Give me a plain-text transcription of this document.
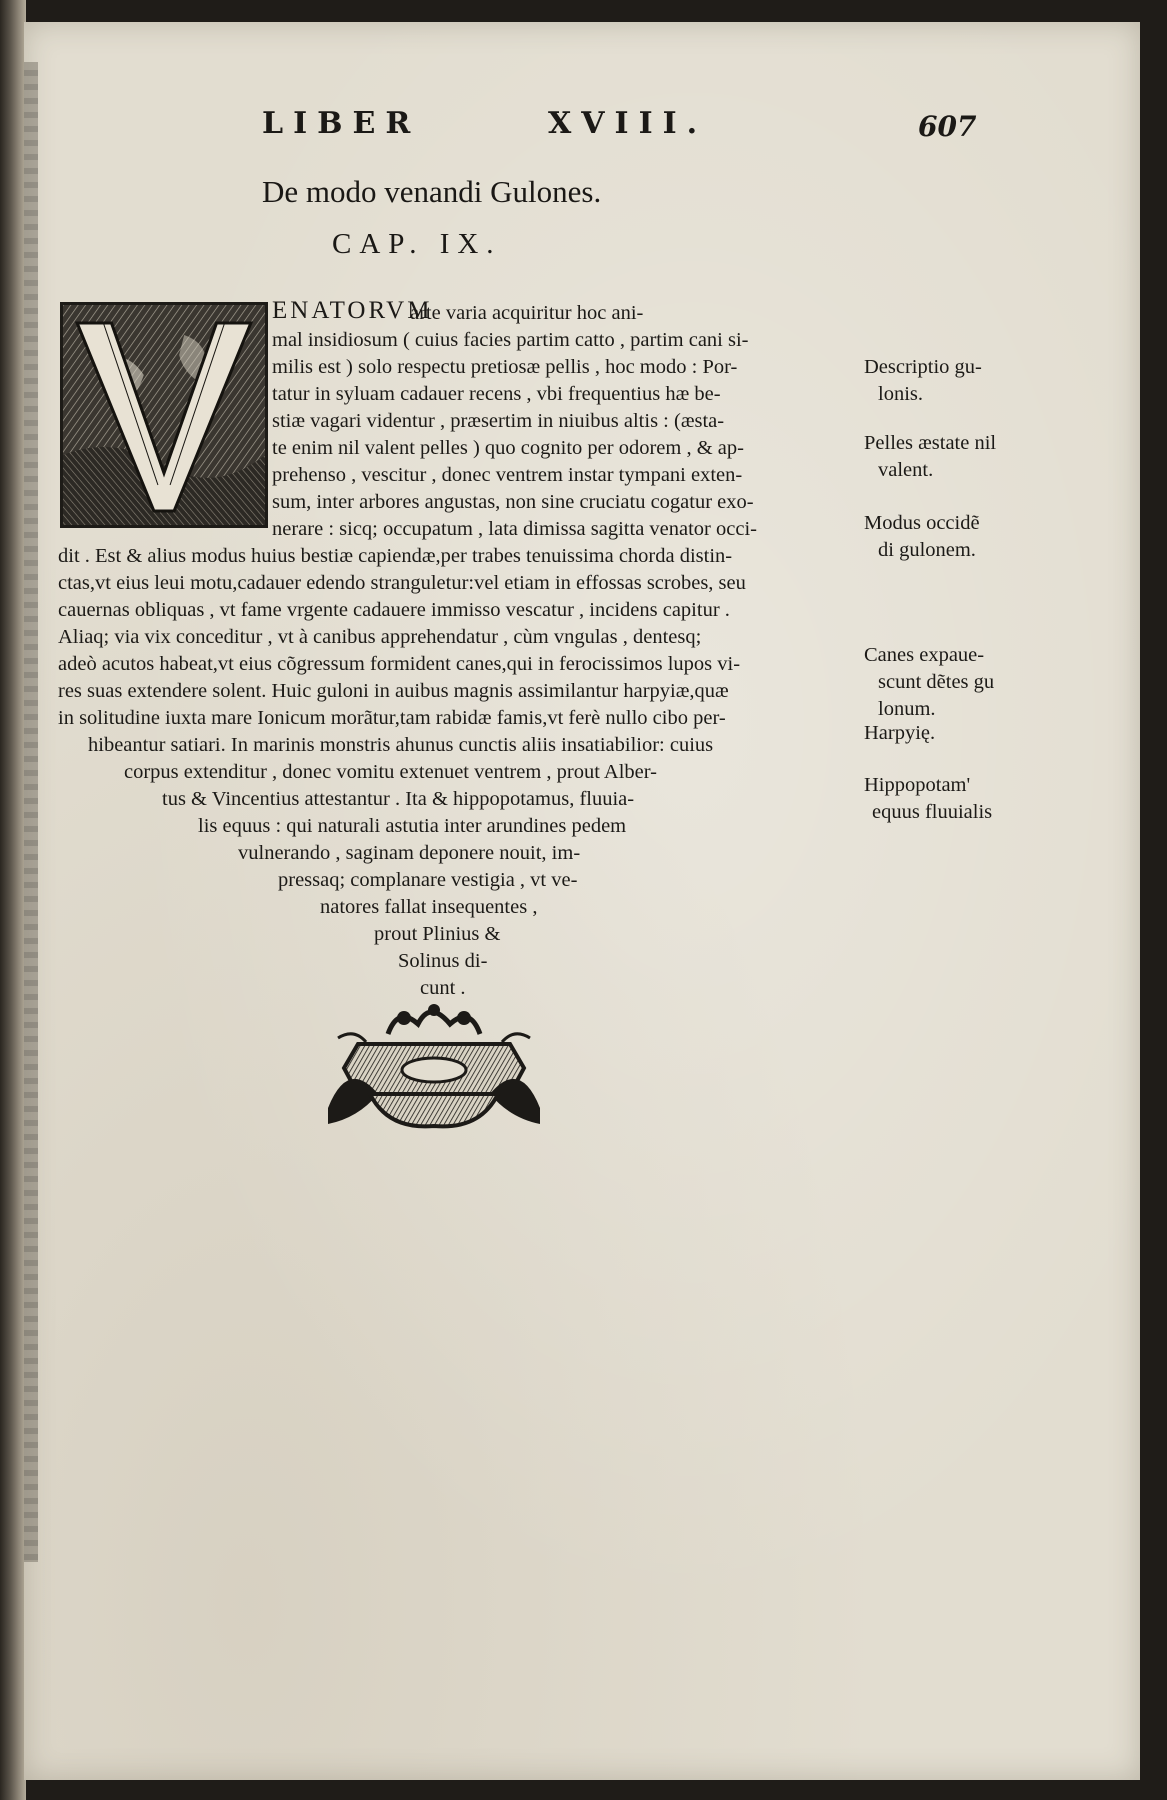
LIBER	XVIII.	607
De modo venandi Gulones.
CAP. IX.
ENATORVM
arte varia acquiritur hoc ani-
mal insidiosum ( cuius facies partim catto , partim cani si-
milis est ) solo respectu pretiosæ pellis , hoc modo : Por-
tatur in syluam cadauer recens , vbi frequentius hæ be-
stiæ vagari videntur , præsertim in niuibus altis : (æsta-
te enim nil valent pelles ) quo cognito per odorem , & ap-
prehenso , vescitur , donec ventrem instar tympani exten-
sum, inter arbores angustas, non sine cruciatu cogatur exo-
nerare : sicq; occupatum , lata dimissa sagitta venator occi-
dit . Est & alius modus huius bestiæ capiendæ,per trabes tenuissima chorda distin-
ctas,vt eius leui motu,cadauer edendo stranguletur:vel etiam in effossas scrobes, seu
cauernas obliquas , vt fame vrgente cadauere immisso vescatur , incidens capitur .
Aliaq; via vix conceditur , vt à canibus apprehendatur , cùm vngulas , dentesq;
adeò acutos habeat,vt eius cõgressum formident canes,qui in ferocissimos lupos vi-
res suas extendere solent. Huic guloni in auibus magnis assimilantur harpyiæ,quæ
in solitudine iuxta mare Ionicum morãtur,tam rabidæ famis,vt ferè nullo cibo per-
hibeantur satiari. In marinis monstris ahunus cunctis aliis insatiabilior: cuius
corpus extenditur , donec vomitu extenuet ventrem , prout Alber-
tus & Vincentius attestantur . Ita & hippopotamus, fluuia-
lis equus : qui naturali astutia inter arundines pedem
vulnerando , saginam deponere nouit, im-
pressaq; complanare vestigia , vt ve-
natores fallat insequentes ,
prout Plinius &
Solinus di-
cunt .
Descriptio gu-
lonis.
Pelles æstate nil
valent.
Modus occidẽ
di gulonem.
Canes expaue-
scunt dẽtes gu
lonum.
Harpyię.
Hippopotam'
equus fluuialis
